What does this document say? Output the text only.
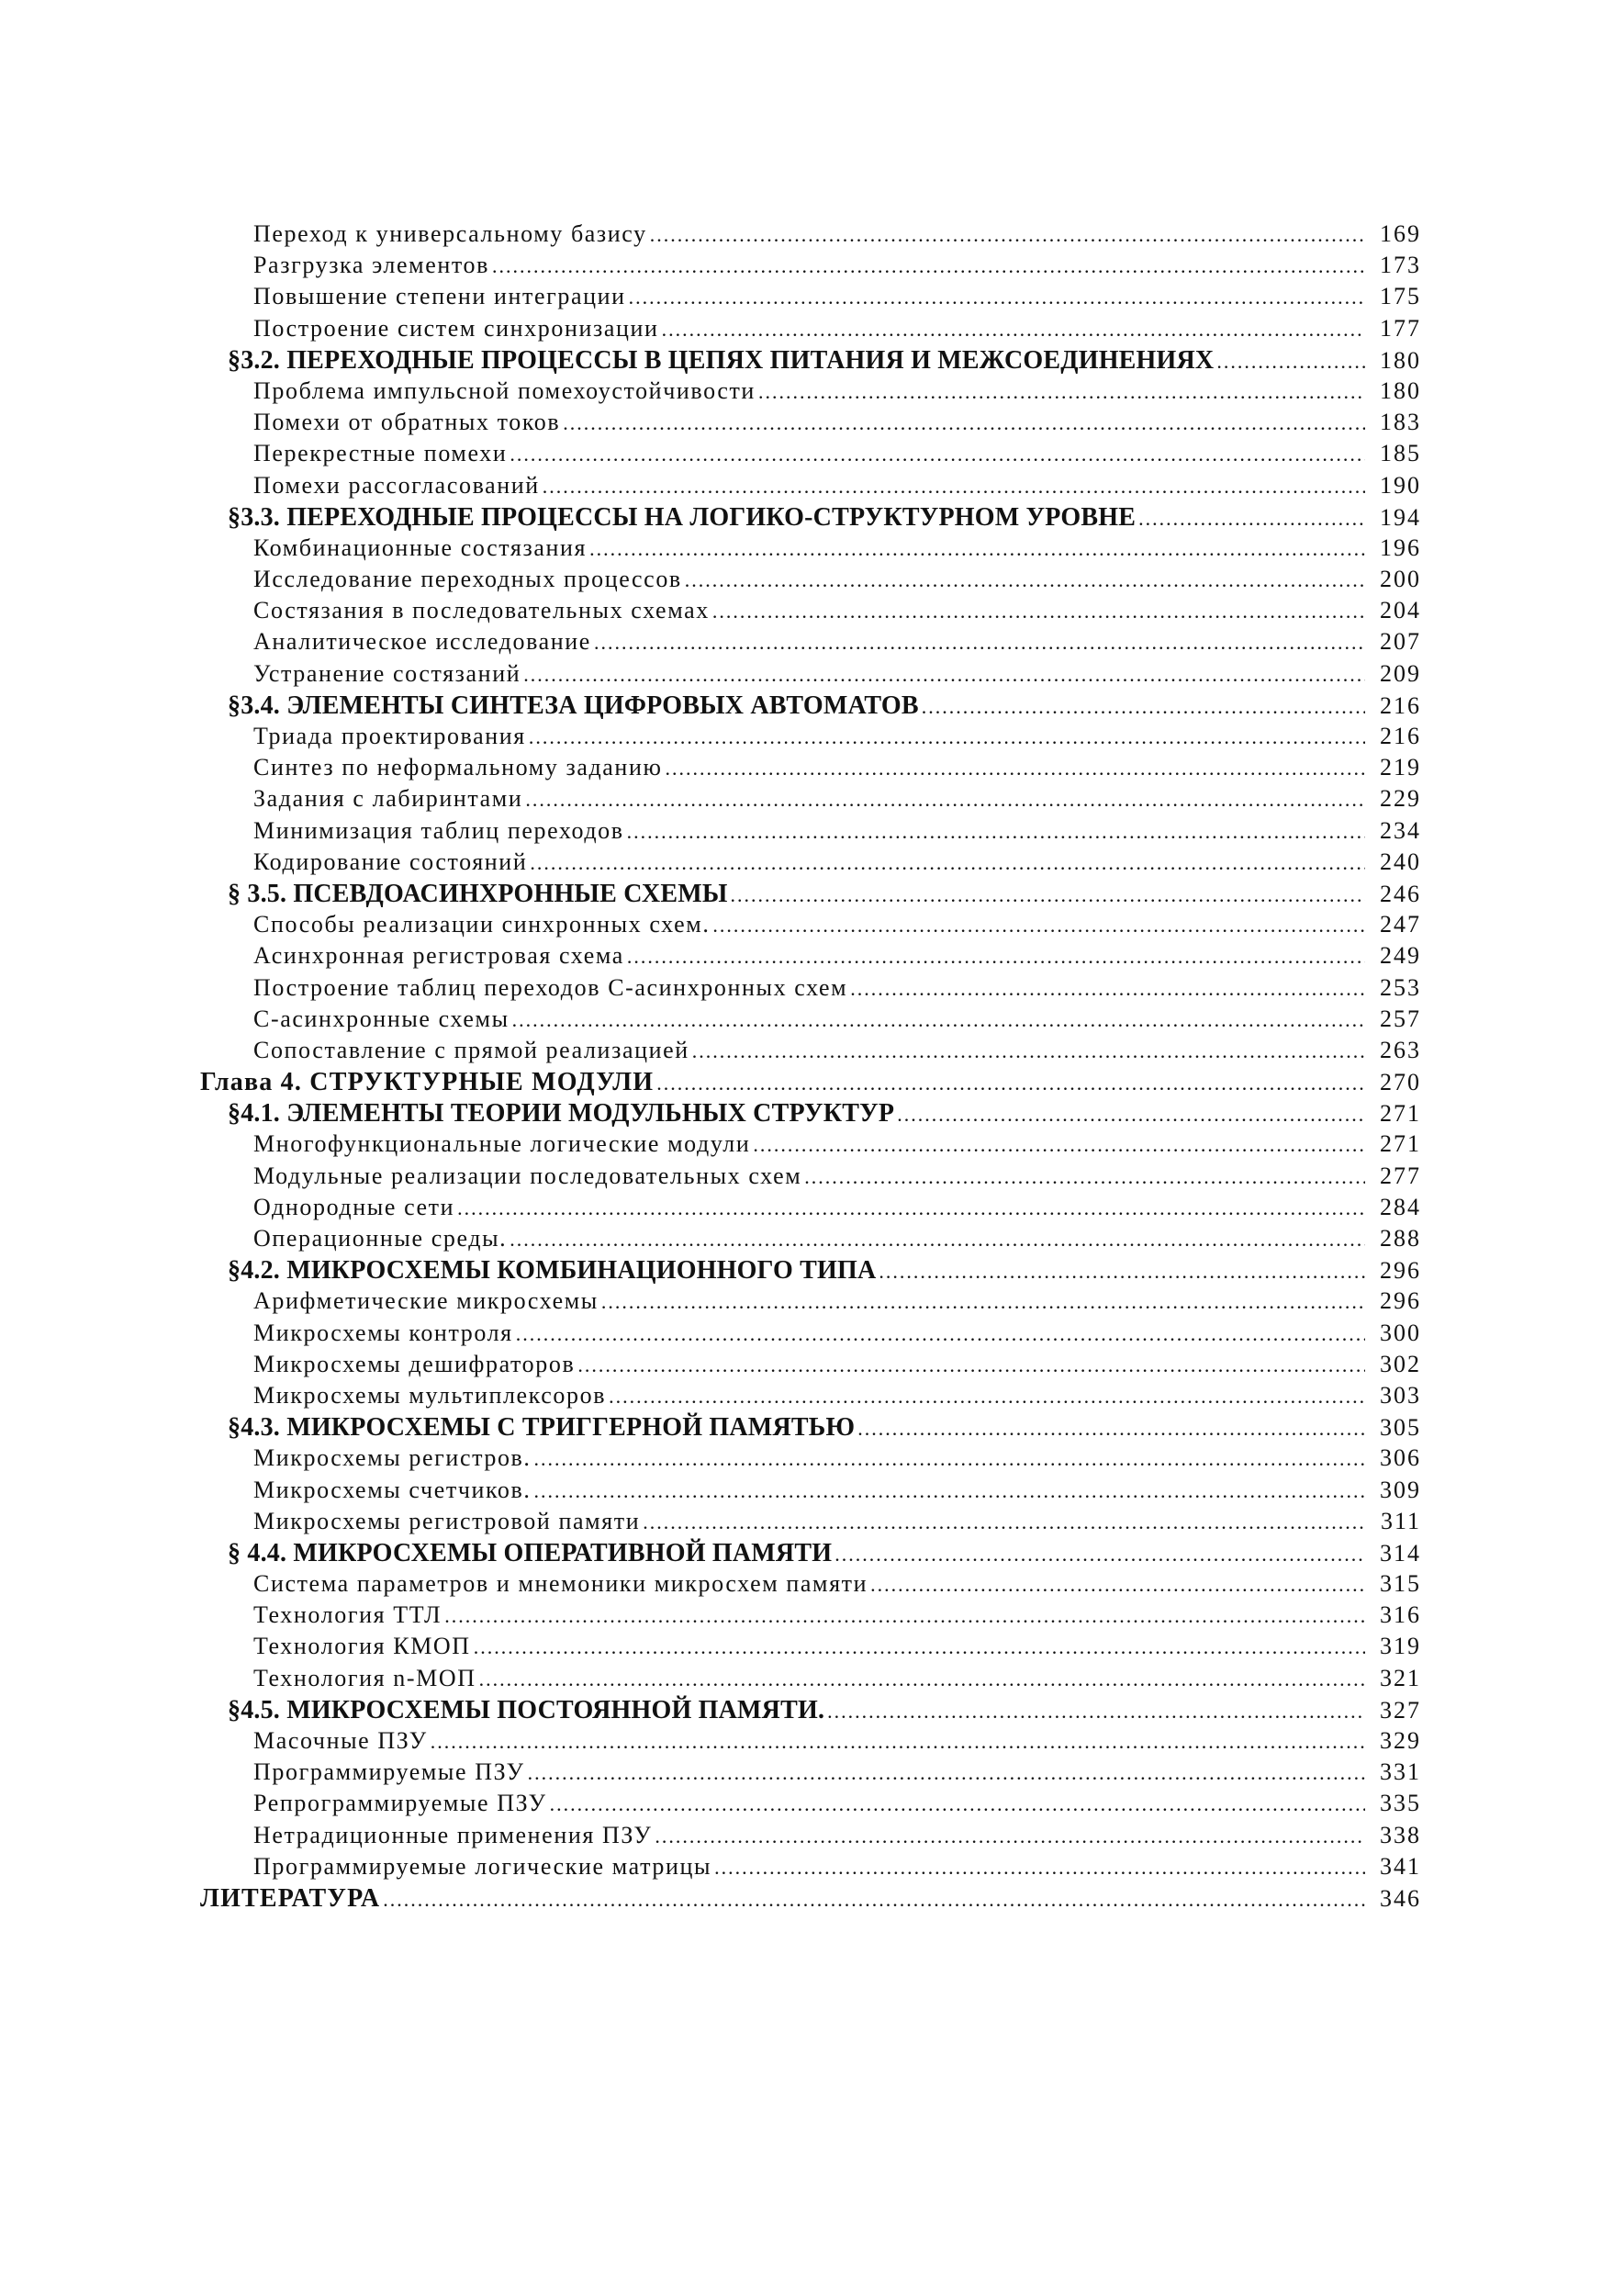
Переход к универсальному базису .....	169
Разгрузка элементов .....	173
Повышение степени интеграции .....	175
Построение систем синхронизации .....	177
§3.2. ПЕРЕХОДНЫЕ ПРОЦЕССЫ В ЦЕПЯХ ПИТАНИЯ И МЕЖСОЕДИНЕНИЯХ .....	180
Проблема импульсной помехоустойчивости .....	180
Помехи от обратных токов .....	183
Перекрестные помехи .....	185
Помехи рассогласований .....	190
§3.3. ПЕРЕХОДНЫЕ ПРОЦЕССЫ НА ЛОГИКО-СТРУКТУРНОМ УРОВНЕ .....	194
Комбинационные состязания .....	196
Исследование переходных процессов .....	200
Состязания в последовательных схемах .....	204
Аналитическое исследование .....	207
Устранение состязаний .....	209
§3.4. ЭЛЕМЕНТЫ СИНТЕЗА ЦИФРОВЫХ АВТОМАТОВ .....	216
Триада проектирования .....	216
Синтез по неформальному заданию .....	219
Задания с лабиринтами .....	229
Минимизация таблиц переходов .....	234
Кодирование состояний .....	240
§ 3.5. ПСЕВДОАСИНХРОННЫЕ СХЕМЫ .....	246
Способы реализации синхронных схем. .....	247
Асинхронная регистровая схема .....	249
Построение таблиц переходов С-асинхронных схем .....	253
С-асинхронные схемы .....	257
Сопоставление с прямой реализацией .....	263
Глава 4. СТРУКТУРНЫЕ МОДУЛИ .....	270
§4.1. ЭЛЕМЕНТЫ ТЕОРИИ МОДУЛЬНЫХ СТРУКТУР .....	271
Многофункциональные логические модули .....	271
Модульные реализации последовательных схем .....	277
Однородные сети .....	284
Операционные среды. .....	288
§4.2. МИКРОСХЕМЫ КОМБИНАЦИОННОГО ТИПА .....	296
Арифметические микросхемы .....	296
Микросхемы контроля .....	300
Микросхемы дешифраторов .....	302
Микросхемы мультиплексоров .....	303
§4.3. МИКРОСХЕМЫ С ТРИГГЕРНОЙ ПАМЯТЬЮ .....	305
Микросхемы регистров. .....	306
Микросхемы счетчиков. .....	309
Микросхемы регистровой памяти .....	311
§ 4.4. МИКРОСХЕМЫ ОПЕРАТИВНОЙ ПАМЯТИ .....	314
Система параметров и мнемоники микросхем памяти .....	315
Технология ТТЛ .....	316
Технология КМОП .....	319
Технология n-МОП .....	321
§4.5. МИКРОСХЕМЫ ПОСТОЯННОЙ ПАМЯТИ. .....	327
Масочные ПЗУ .....	329
Программируемые ПЗУ .....	331
Репрограммируемые ПЗУ .....	335
Нетрадиционные применения ПЗУ .....	338
Программируемые логические матрицы .....	341
ЛИТЕРАТУРА .....	346
